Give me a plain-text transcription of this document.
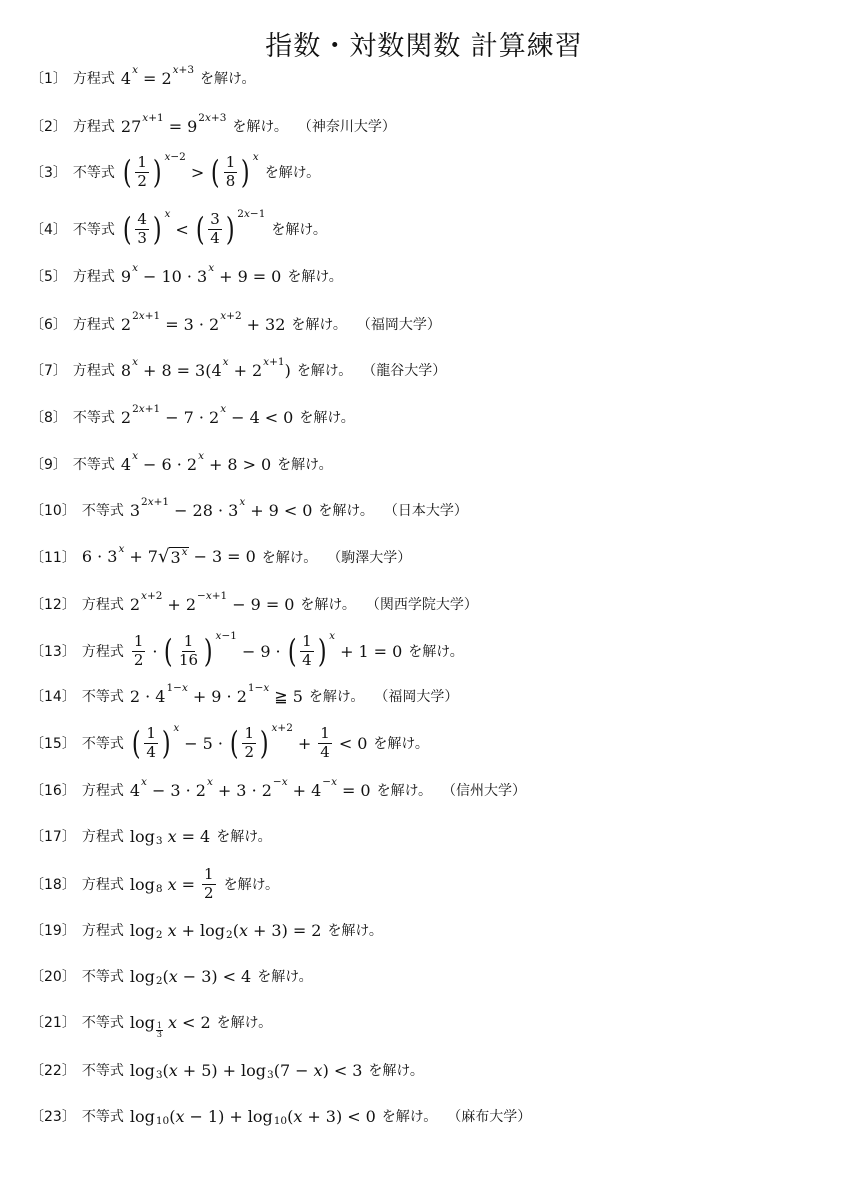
指数・対数関数 計算練習
〔1〕 方程式 4 x = 2 x+3
を解け。
〔2〕 方程式 27 x+1 = 9 2x+3
を解け。 （神奈川大学）
〔3〕 不等式 ( $\frac{1}{2}$ ) x−2
> ( $\frac{1}{8}$ ) x
を解け。
〔4〕 不等式 ( $\frac{4}{3}$ ) x
< ( $\frac{3}{4}$ ) 2x−1
を解け。
〔5〕 方程式 9 x − 10 · 3 x + 9 = 0 を解け。
〔6〕 方程式 2 2x+1 = 3 · 2 x+2 + 32 を解け。 （福岡大学）
〔7〕 方程式 8 x + 8 = 3(4 x + 2 x+1 ) を解け。 （龍谷大学）
〔8〕 不等式 2 2x+1 − 7 · 2 x − 4 < 0 を解け。
〔9〕 不等式 4 x − 6 · 2 x + 8 > 0 を解け。
〔10〕 不等式 3 2x+1 − 28 · 3 x + 9 < 0 を解け。 （日本大学）
〔11〕 6 · 3 x + 7 √ $3^x - 3 = 0$ を解け。 （駒澤大学）
〔12〕 方程式 2 x+2 + 2 −x+1 − 9 = 0 を解け。 （関西学院大学）
〔13〕 方程式 $\frac{1}{2}$ · ( $\frac{1}{16}$ ) x−1
− 9 · ( $\frac{1}{4}$ ) x
+ 1 = 0 を解け。
〔14〕 不等式 2 · 4 1−x + 9 · 2 1−x ≧ 5 を解け。 （福岡大学）
〔15〕 不等式 ( $\frac{1}{4}$ ) x
− 5 · ( $\frac{1}{2}$ ) x+2
+ $\frac{1}{4} < 0$ を解け。
〔16〕 方程式 4 x − 3 · 2 x + 3 · 2 −x + 4 −x = 0 を解け。 （信州大学）
〔17〕 方程式 log 3
x = 4 を解け。
〔18〕 方程式 log 8
$x = \frac{1}{2}$ を解け。
〔19〕 方程式 log 2
x + log 2 ( x + 3) = 2 を解け。
〔20〕 不等式 log 2 ( x − 3) < 4 を解け。
〔21〕 不等式 $\log \frac{1}{3}$
x < 2 を解け。
〔22〕 不等式 log 3 ( x + 5) + log 3 (7 − x ) < 3 を解け。
〔23〕 不等式 log 10 ( x − 1) + log 10 ( x + 3) < 0 を解け。 （麻布大学）
